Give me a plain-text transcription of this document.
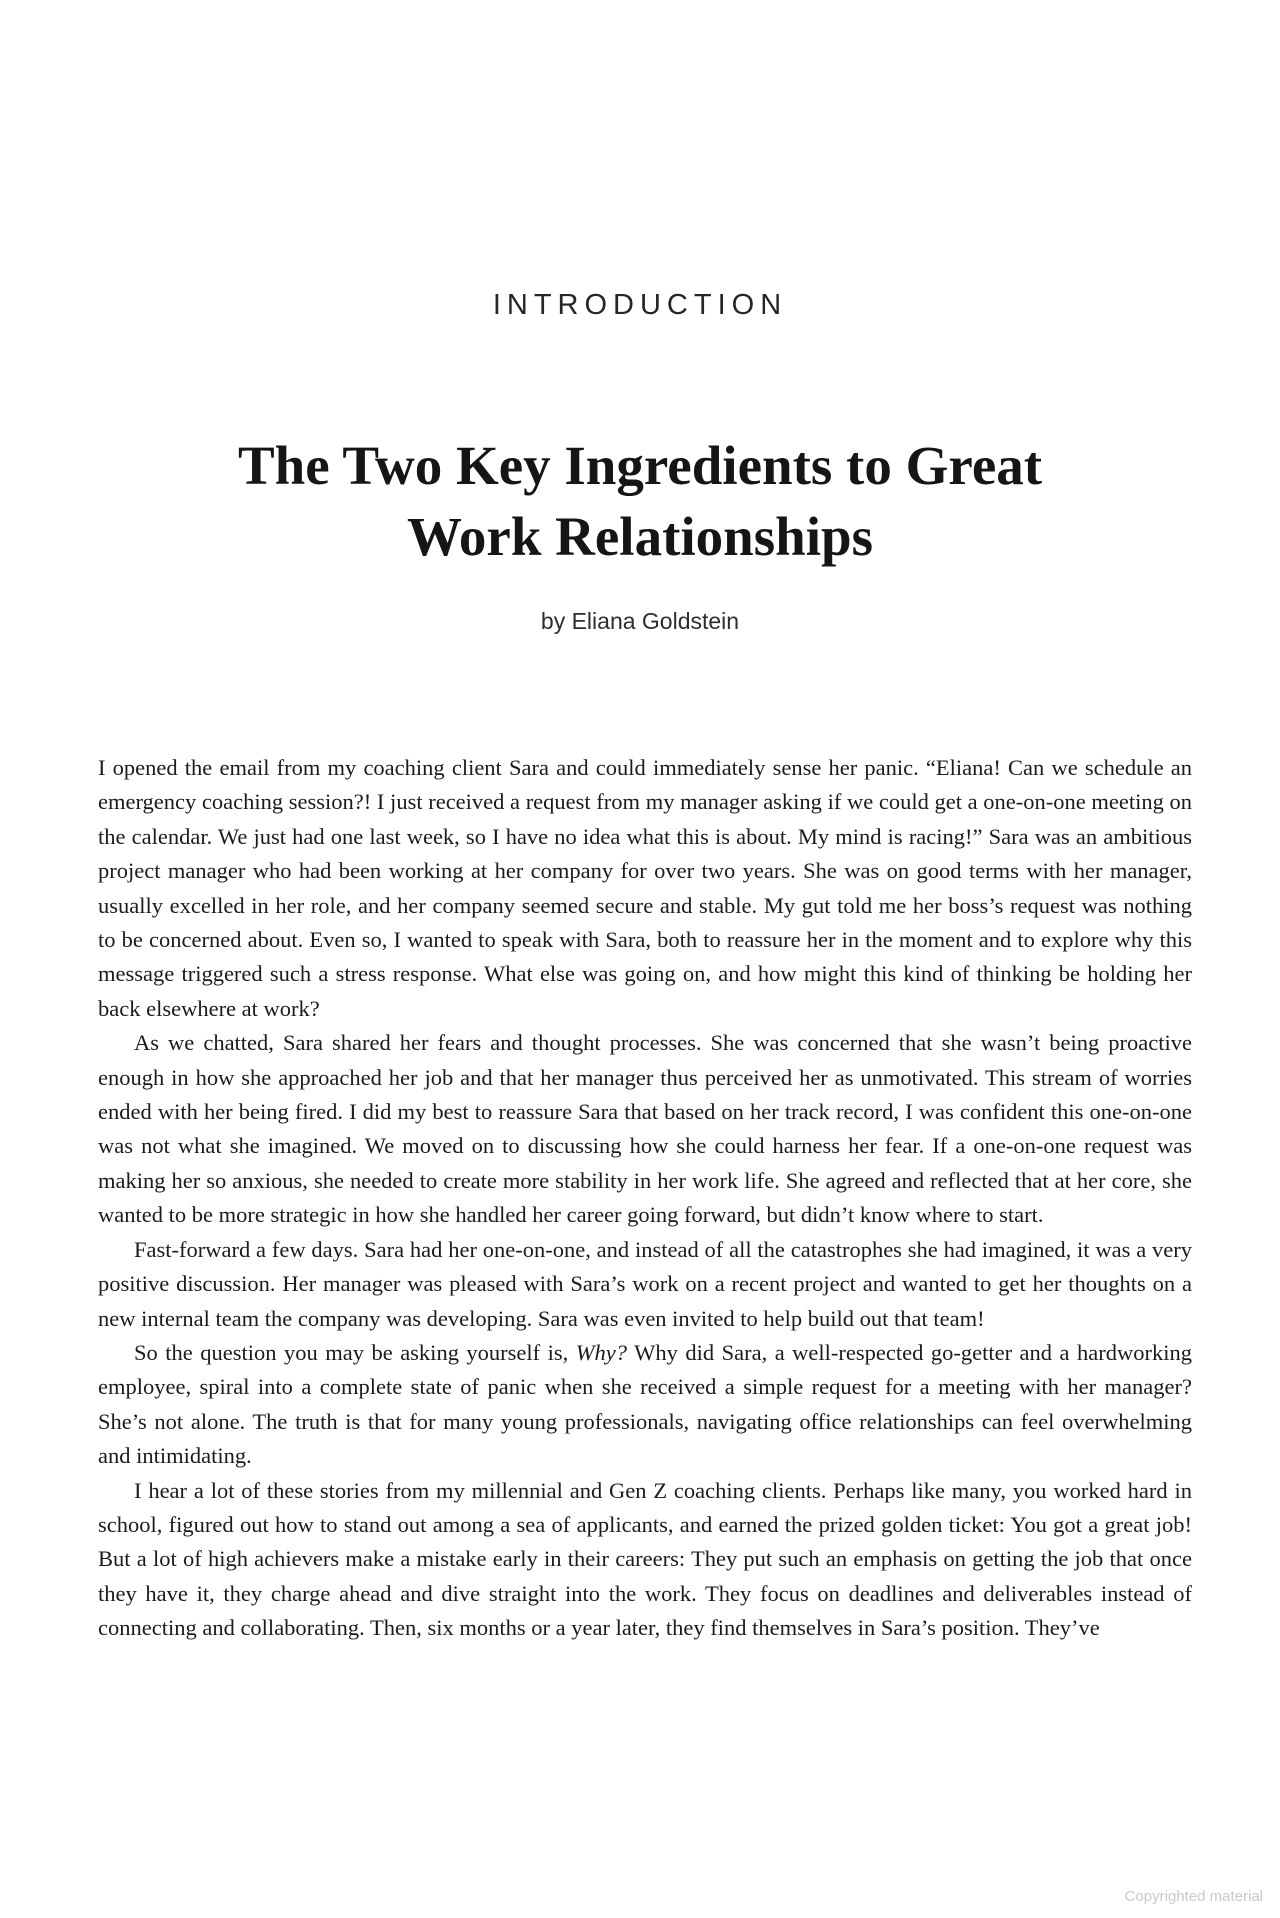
INTRODUCTION
The Two Key Ingredients to Great
Work Relationships
by Eliana Goldstein

I opened the email from my coaching client Sara and could immediately sense her panic. “Eliana! Can we schedule an emergency coaching session?! I just received a request from my manager asking if we could get a one-on-one meeting on the calendar. We just had one last week, so I have no idea what this is about. My mind is racing!” Sara was an ambitious project manager who had been working at her company for over two years. She was on good terms with her manager, usually excelled in her role, and her company seemed secure and stable. My gut told me her boss’s request was nothing to be concerned about. Even so, I wanted to speak with Sara, both to reassure her in the moment and to explore why this message triggered such a stress response. What else was going on, and how might this kind of thinking be holding her back elsewhere at work?

As we chatted, Sara shared her fears and thought processes. She was concerned that she wasn’t being proactive enough in how she approached her job and that her manager thus perceived her as unmotivated. This stream of worries ended with her being fired. I did my best to reassure Sara that based on her track record, I was confident this one-on-one was not what she imagined. We moved on to discussing how she could harness her fear. If a one-on-one request was making her so anxious, she needed to create more stability in her work life. She agreed and reflected that at her core, she wanted to be more strategic in how she handled her career going forward, but didn’t know where to start.

Fast-forward a few days. Sara had her one-on-one, and instead of all the catastrophes she had imagined, it was a very positive discussion. Her manager was pleased with Sara’s work on a recent project and wanted to get her thoughts on a new internal team the company was developing. Sara was even invited to help build out that team!

So the question you may be asking yourself is, Why? Why did Sara, a well-respected go-getter and a hardworking employee, spiral into a complete state of panic when she received a simple request for a meeting with her manager? She’s not alone. The truth is that for many young professionals, navigating office relationships can feel overwhelming and intimidating.

I hear a lot of these stories from my millennial and Gen Z coaching clients. Perhaps like many, you worked hard in school, figured out how to stand out among a sea of applicants, and earned the prized golden ticket: You got a great job! But a lot of high achievers make a mistake early in their careers: They put such an emphasis on getting the job that once they have it, they charge ahead and dive straight into the work. They focus on deadlines and deliverables instead of connecting and collaborating. Then, six months or a year later, they find themselves in Sara’s position. They’ve

Copyrighted material
